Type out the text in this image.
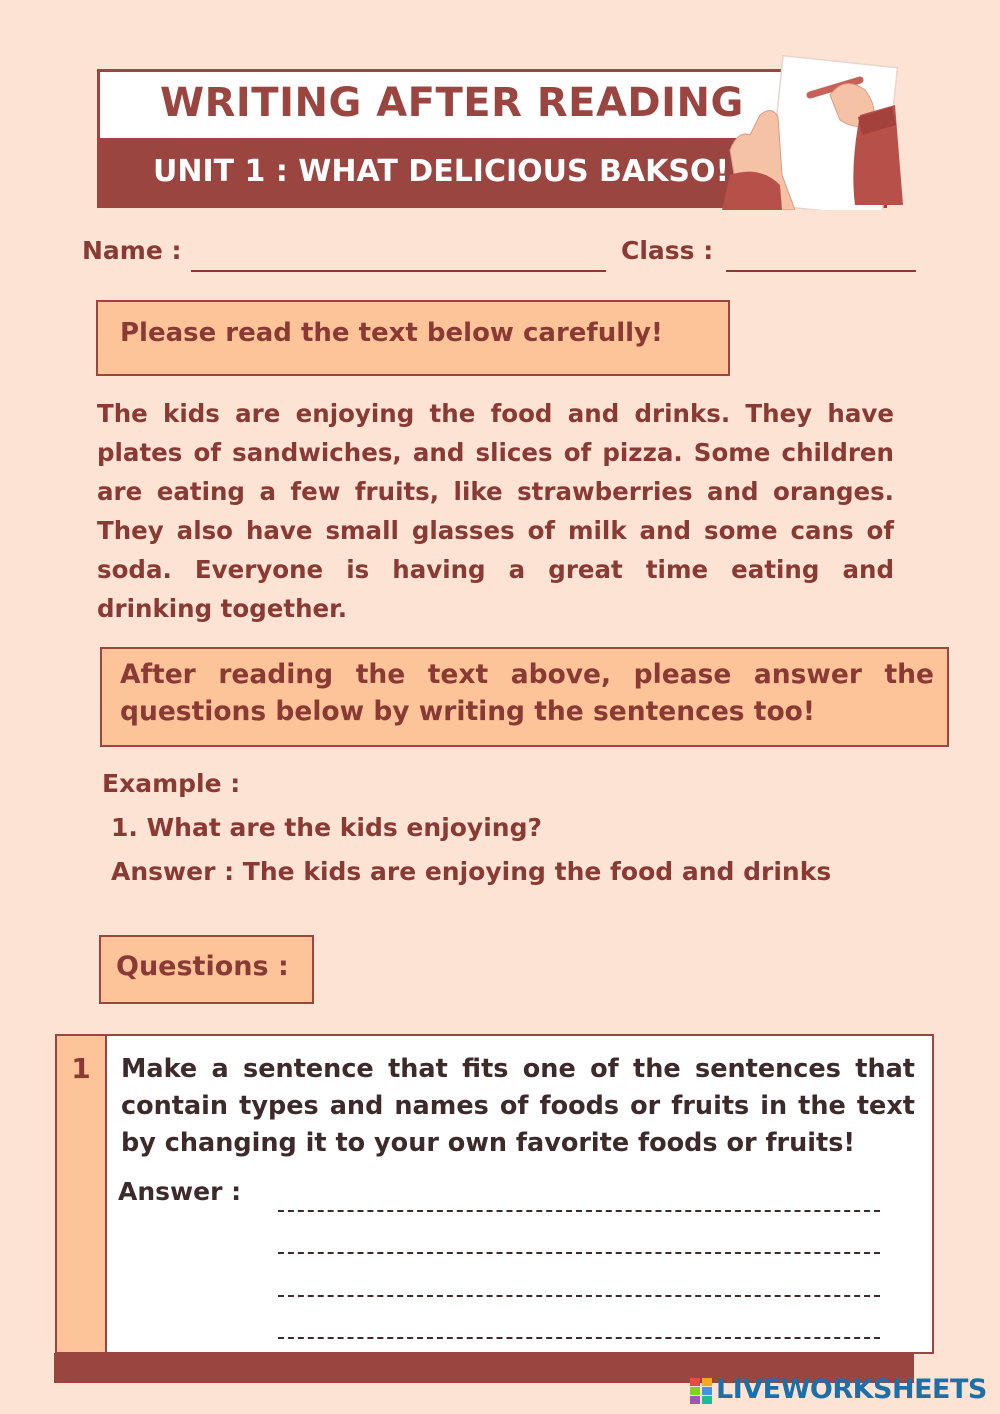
WRITING AFTER READING
UNIT 1 : WHAT DELICIOUS BAKSO!
Name :	Class :
Please read the text below carefully!
The kids are enjoying the food and drinks. They have plates of sandwiches, and slices of pizza. Some children are eating a few fruits, like strawberries and oranges. They also have small glasses of milk and some cans of soda. Everyone is having a great time eating and drinking together.
After reading the text above, please answer the questions below by writing the sentences too!
Example :
1. What are the kids enjoying?
Answer : The kids are enjoying the food and drinks
Questions :
1	Make a sentence that fits one of the sentences that contain types and names of foods or fruits in the text by changing it to your own favorite foods or fruits!
Answer :
LIVEWORKSHEETS
